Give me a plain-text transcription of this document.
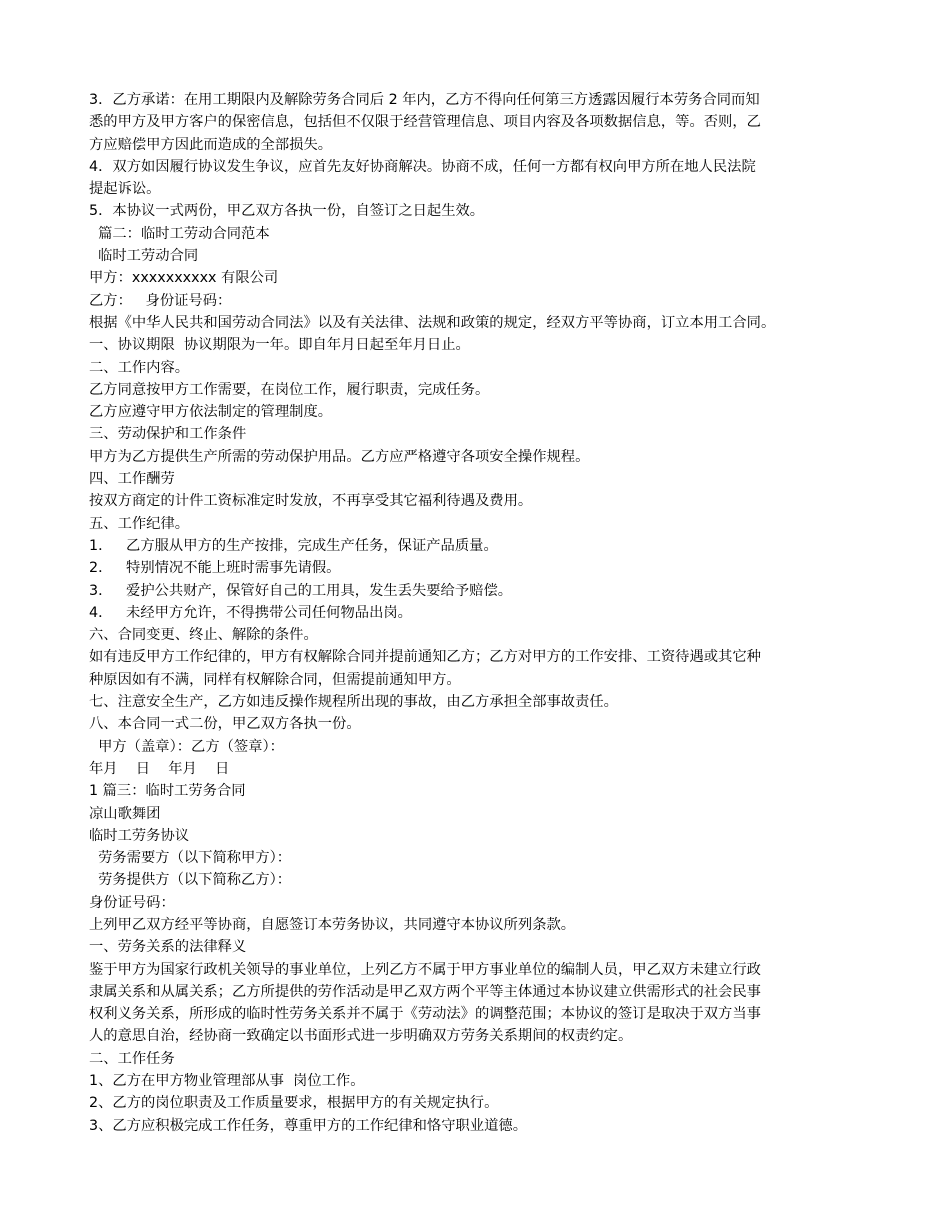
3．乙方承诺：在用工期限内及解除劳务合同后 2 年内，乙方不得向任何第三方透露因履行本劳务合同而知

悉的甲方及甲方客户的保密信息，包括但不仅限于经营管理信息、项目内容及各项数据信息，等。否则，乙

方应赔偿甲方因此而造成的全部损失。

4．双方如因履行协议发生争议，应首先友好协商解决。协商不成，任何一方都有权向甲方所在地人民法院

提起诉讼。

5．本协议一式两份，甲乙双方各执一份，自签订之日起生效。

篇二：临时工劳动合同范本

临时工劳动合同

甲方：xxxxxxxxxx 有限公司

乙方：   身份证号码：

根据《中华人民共和国劳动合同法》以及有关法律、法规和政策的规定，经双方平等协商，订立本用工合同。

一、协议期限  协议期限为一年。即自年月日起至年月日止。

二、工作内容。

乙方同意按甲方工作需要，在岗位工作，履行职责，完成任务。

乙方应遵守甲方依法制定的管理制度。

三、劳动保护和工作条件

甲方为乙方提供生产所需的劳动保护用品。乙方应严格遵守各项安全操作规程。

四、工作酬劳

按双方商定的计件工资标准定时发放，不再享受其它福利待遇及费用。

五、工作纪律。

1．   乙方服从甲方的生产按排，完成生产任务，保证产品质量。

2．   特别情况不能上班时需事先请假。

3．   爱护公共财产，保管好自己的工用具，发生丢失要给予赔偿。

4．   未经甲方允许，不得携带公司任何物品出岗。

六、合同变更、终止、解除的条件。

如有违反甲方工作纪律的，甲方有权解除合同并提前通知乙方；乙方对甲方的工作安排、工资待遇或其它种

种原因如有不满，同样有权解除合同，但需提前通知甲方。

七、注意安全生产，乙方如违反操作规程所出现的事故，由乙方承担全部事故责任。

八、本合同一式二份，甲乙双方各执一份。

甲方（盖章）：乙方（签章）：

年月    日    年月    日

1 篇三：临时工劳务合同

凉山歌舞团

临时工劳务协议

劳务需要方（以下简称甲方）：

劳务提供方（以下简称乙方）：

身份证号码：

上列甲乙双方经平等协商，自愿签订本劳务协议，共同遵守本协议所列条款。

一、劳务关系的法律释义

鉴于甲方为国家行政机关领导的事业单位，上列乙方不属于甲方事业单位的编制人员，甲乙双方未建立行政

隶属关系和从属关系；乙方所提供的劳作活动是甲乙双方两个平等主体通过本协议建立供需形式的社会民事

权利义务关系，所形成的临时性劳务关系并不属于《劳动法》的调整范围；本协议的签订是取决于双方当事

人的意思自治，经协商一致确定以书面形式进一步明确双方劳务关系期间的权责约定。

二、工作任务

1、乙方在甲方物业管理部从事  岗位工作。

2、乙方的岗位职责及工作质量要求，根据甲方的有关规定执行。

3、乙方应积极完成工作任务，尊重甲方的工作纪律和恪守职业道德。
